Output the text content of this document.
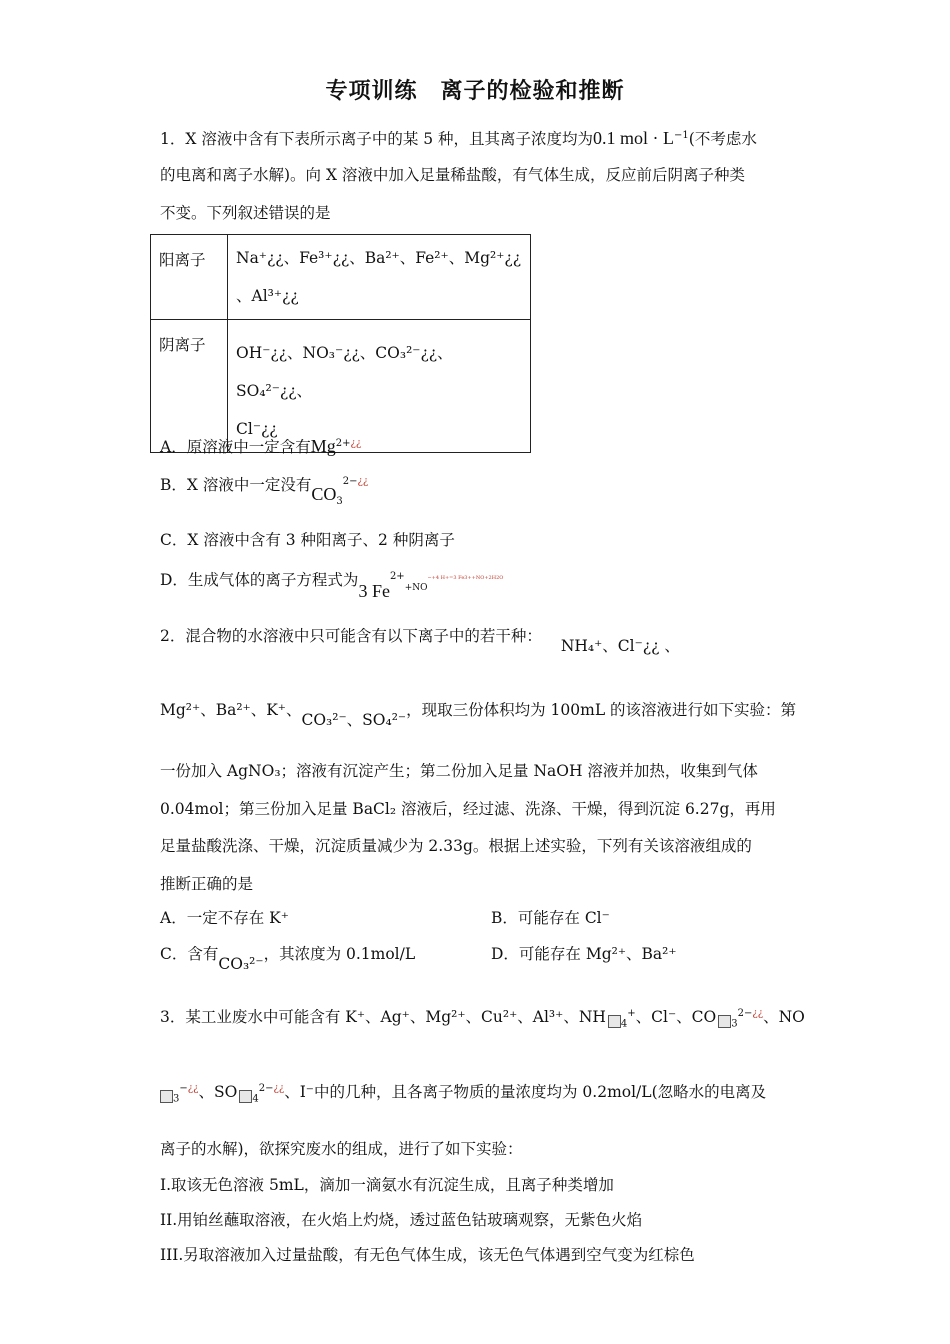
专项训练　离子的检验和推断
1．X 溶液中含有下表所示离子中的某 5 种，且其离子浓度均为0.1 mol · $L^{-1}$(不考虑水
的电离和离子水解)。向 X 溶液中加入足量稀盐酸，有气体生成，反应前后阴离子种类
不变。下列叙述错误的是
阳离子	Na⁺¿¿、Fe³⁺¿¿、Ba²⁺、Fe²⁺、Mg²⁺¿¿
、Al³⁺¿¿

阴离子	OH⁻¿¿、NO₃⁻¿¿、CO₃²⁻¿¿、SO₄²⁻¿¿、
Cl⁻¿¿
A．原溶液中一定含有$Mg^{2+¿¿}$
B．X 溶液中一定没有$CO_3^{2-¿¿}$
C．X 溶液中含有 3 种阳离子、2 种阴离子
D．生成气体的离子方程式为3 $Fe^{2+}_{+NO}^{-+4 H+=3 Fe3++NO+2H2O}$
2．混合物的水溶液中只可能含有以下离子中的若干种： NH₄⁺、Cl⁻¿¿ 、
Mg²⁺、Ba²⁺、K⁺、CO₃²⁻、SO₄²⁻，现取三份体积均为 100mL 的该溶液进行如下实验：第
一份加入 AgNO₃；溶液有沉淀产生；第二份加入足量 NaOH 溶液并加热，收集到气体
0.04mol；第三份加入足量 BaCl₂ 溶液后，经过滤、洗涤、干燥，得到沉淀 6.27g，再用
足量盐酸洗涤、干燥，沉淀质量减少为 2.33g。根据上述实验，下列有关该溶液组成的
推断正确的是
A．一定不存在 K⁺	B．可能存在 Cl⁻
C．含有CO₃²⁻，其浓度为 0.1mol/L	D．可能存在 Mg²⁺、Ba²⁺
3．某工业废水中可能含有 K⁺、Ag⁺、Mg²⁺、Cu²⁺、Al³⁺、NH $_4$+、Cl⁻、CO $_3^{2-¿¿}$、NO
$_3$−¿¿、SO $_4^{2-¿¿}$、I⁻中的几种，且各离子物质的量浓度均为 0.2mol/L(忽略水的电离及
离子的水解)，欲探究废水的组成，进行了如下实验：
I.取该无色溶液 5mL，滴加一滴氨水有沉淀生成，且离子种类增加
II.用铂丝蘸取溶液，在火焰上灼烧，透过蓝色钴玻璃观察，无紫色火焰
III.另取溶液加入过量盐酸，有无色气体生成，该无色气体遇到空气变为红棕色
